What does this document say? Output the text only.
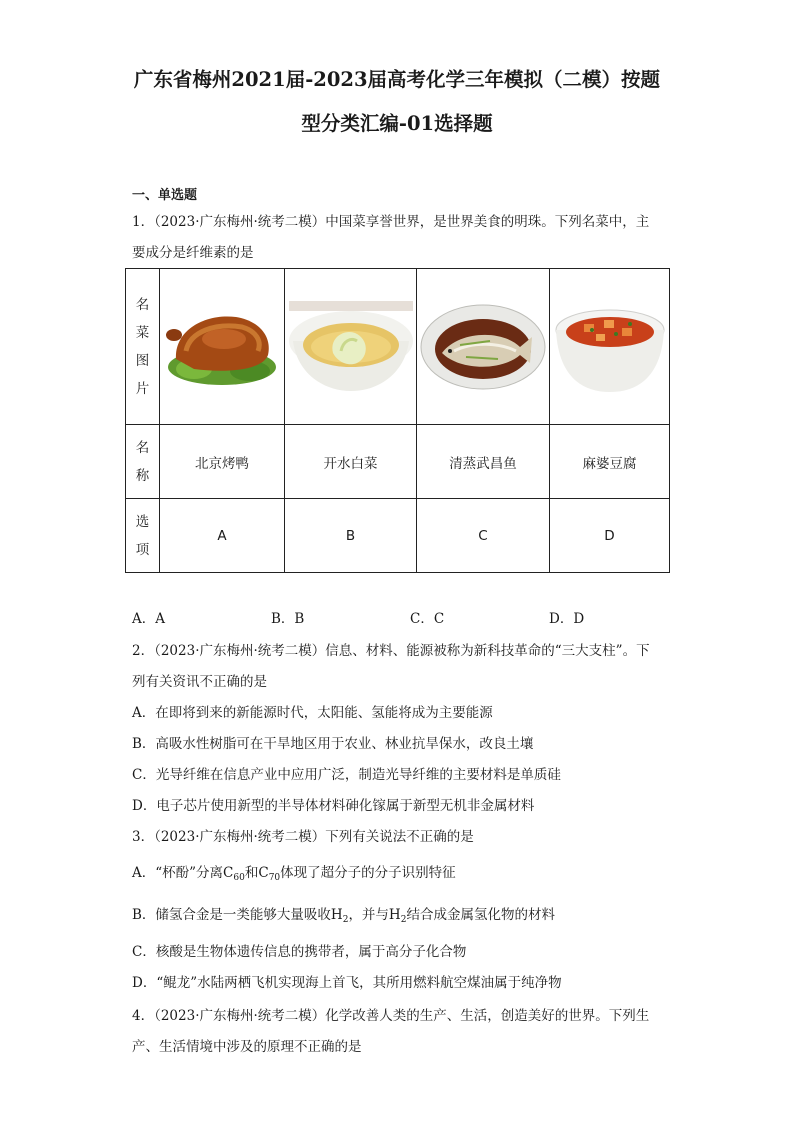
广东省梅州2021届-2023届高考化学三年模拟（二模）按题
型分类汇编-01选择题
一、单选题
1．（2023·广东梅州·统考二模）中国菜享誉世界，是世界美食的明珠。下列名菜中，主
要成分是纤维素的是
名
菜
图
片

名
称	北京烤鸭	开水白菜	清蒸武昌鱼	麻婆豆腐

选
项	A	B	C	D
A．A	B．B	C．C	D．D
2．（2023·广东梅州·统考二模）信息、材料、能源被称为新科技革命的“三大支柱”。下
列有关资讯不正确的是
A．在即将到来的新能源时代，太阳能、氢能将成为主要能源
B．高吸水性树脂可在干旱地区用于农业、林业抗旱保水，改良土壤
C．光导纤维在信息产业中应用广泛，制造光导纤维的主要材料是单质硅
D．电子芯片使用新型的半导体材料砷化镓属于新型无机非金属材料
3．（2023·广东梅州·统考二模）下列有关说法不正确的是
A．“杯酚”分离$C_{60}$和$C_{70}$体现了超分子的分子识别特征
B．储氢合金是一类能够大量吸收$H_2$，并与$H_2$结合成金属氢化物的材料
C．核酸是生物体遗传信息的携带者，属于高分子化合物
D．“鲲龙”水陆两栖飞机实现海上首飞，其所用燃料航空煤油属于纯净物
4．（2023·广东梅州·统考二模）化学改善人类的生产、生活，创造美好的世界。下列生
产、生活情境中涉及的原理不正确的是
